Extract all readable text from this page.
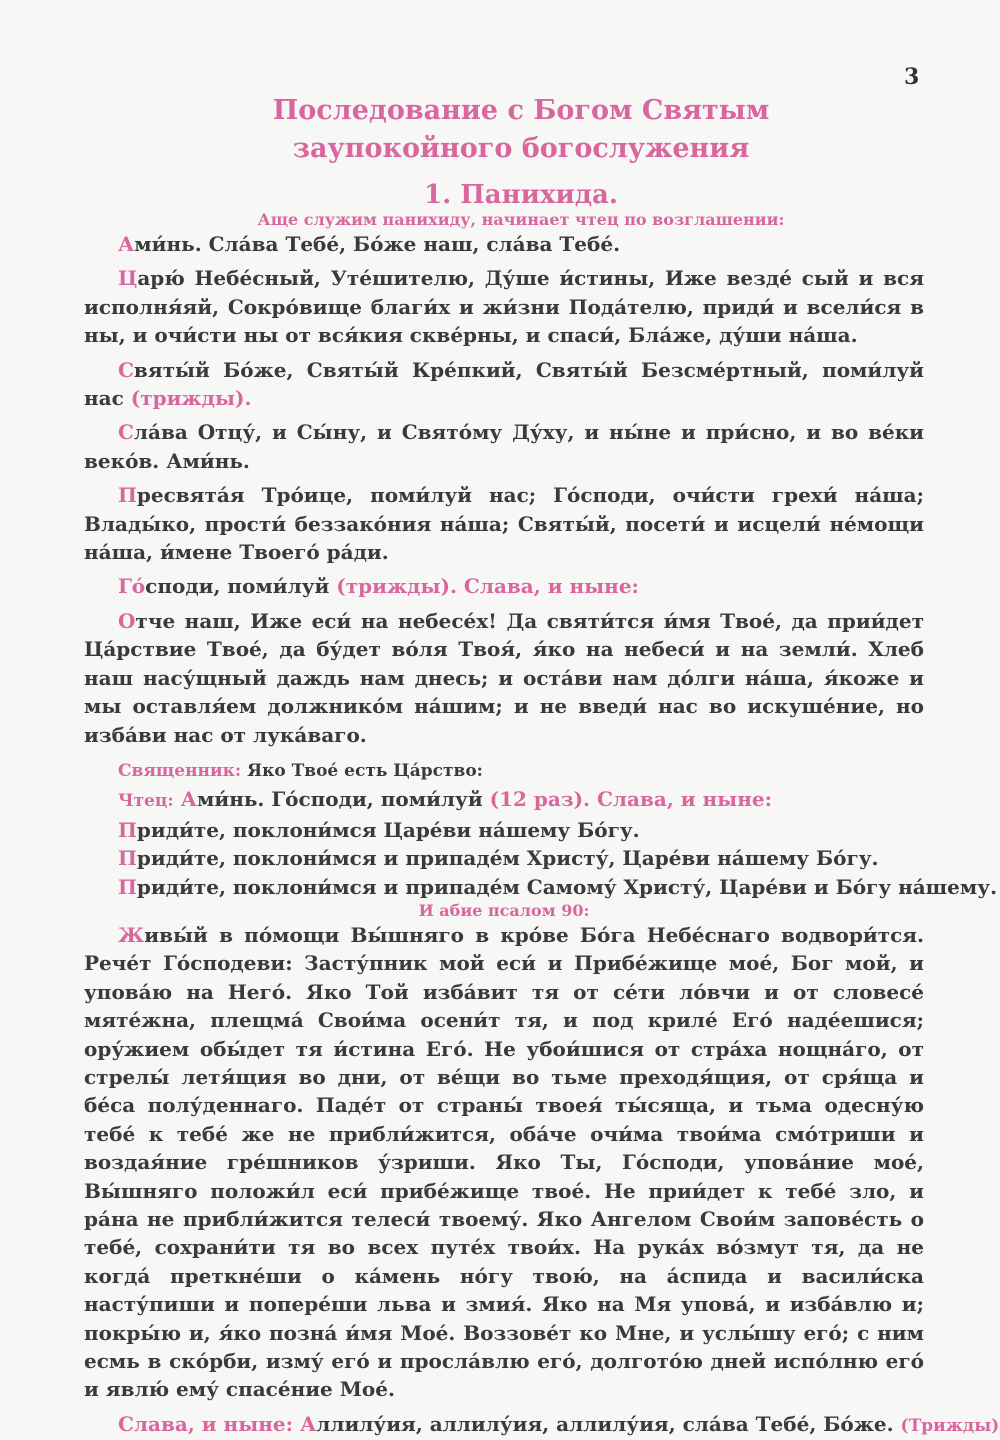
3
Последование с Богом Святым
заупокойного богослужения
1. Панихида.

Аще служим панихиду, начинает чтец по возглашении:

Ами́нь. Сла́ва Тебе́, Бо́же наш, сла́ва Тебе́.

Царю́ Небе́сный, Уте́шителю, Ду́ше и́стины, Иже везде́ сый и вся исполня́яй, Сокро́вище благи́х и жи́зни Пода́телю, приди́ и всели́ся в ны, и очи́сти ны от вся́кия скве́рны, и спаси́, Бла́же, ду́ши на́ша.

Святы́й Бо́же, Святы́й Кре́пкий, Святы́й Безсме́ртный, поми́луй нас (трижды).

Сла́ва Отцу́, и Сы́ну, и Свято́му Ду́ху, и ны́не и при́сно, и во ве́ки веко́в. Ами́нь.

Пресвята́я Тро́ице, поми́луй нас; Го́споди, очи́сти грехи́ на́ша; Влады́ко, прости́ беззако́ния на́ша; Святы́й, посети́ и исцели́ не́мощи на́ша, и́мене Твоего́ ра́ди.

Го́споди, поми́луй (трижды). Слава, и ныне:

Отче наш, Иже еси́ на небесе́х! Да святи́тся и́мя Твое́, да прии́дет Ца́рствие Твое́, да бу́дет во́ля Твоя́, я́ко на небеси́ и на земли́. Хлеб наш насу́щный даждь нам днесь; и оста́ви нам до́лги на́ша, я́коже и мы оставля́ем должнико́м на́шим; и не введи́ нас во искуше́ние, но изба́ви нас от лука́ваго.

Священник: Яко Твое́ есть Ца́рство:

Чтец: Ами́нь. Го́споди, поми́луй (12 раз). Слава, и ныне:

Приди́те, поклони́мся Царе́ви на́шему Бо́гу.

Приди́те, поклони́мся и припаде́м Христу́, Царе́ви на́шему Бо́гу.

Приди́те, поклони́мся и припаде́м Самому́ Христу́, Царе́ви и Бо́гу на́шему.

И абие псалом 90:

Живы́й в по́мощи Вы́шняго в кро́ве Бо́га Небе́снаго водвори́тся. Рече́т Го́сподеви: Засту́пник мой еси́ и Прибе́жище мое́, Бог мой, и упова́ю на Него́. Яко Той изба́вит тя от се́ти ло́вчи и от словесе́ мяте́жна, плещма́ Свои́ма осени́т тя, и под криле́ Его́ наде́ешися; ору́жием обы́дет тя и́стина Его́. Не убои́шися от стра́ха нощна́го, от стрелы́ летя́щия во дни, от ве́щи во тьме преходя́щия, от сря́ща и бе́са полу́деннаго. Паде́т от страны́ твоея́ ты́сяща, и тьма одесну́ю тебе́ к тебе́ же не прибли́жится, оба́че очи́ма твои́ма смо́триши и воздая́ние гре́шников у́зриши. Яко Ты, Го́споди, упова́ние мое́, Вы́шняго положи́л еси́ прибе́жище твое́. Не прии́дет к тебе́ зло, и ра́на не прибли́жится телеси́ твоему́. Яко Ангелом Свои́м запове́сть о тебе́, сохрани́ти тя во всех путе́х твои́х. На рука́х во́змут тя, да не когда́ преткне́ши о ка́мень но́гу твою́, на а́спида и васили́ска насту́пиши и попере́ши льва и змия́. Яко на Мя упова́, и изба́влю и; покры́ю и, я́ко позна́ и́мя Мое́. Воззове́т ко Мне, и услы́шу его́; с ним есмь в ско́рби, изму́ его́ и просла́влю его́, долгото́ю дней испо́лню его́ и явлю́ ему́ спасе́ние Мое́.

Слава, и ныне: Аллилу́ия, аллилу́ия, аллилу́ия, сла́ва Тебе́, Бо́же. (Трижды)
